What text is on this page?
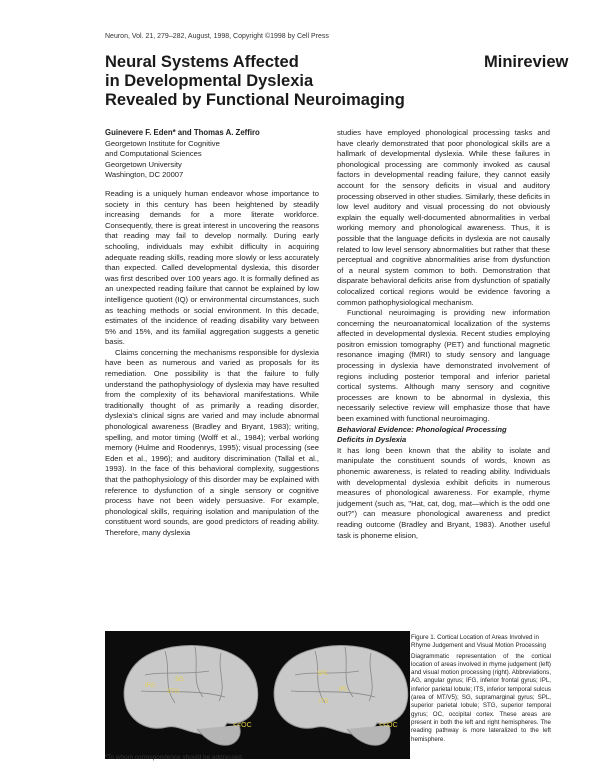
Neuron, Vol. 21, 279–282, August, 1998, Copyright ©1998 by Cell Press
Neural Systems Affected
in Developmental Dyslexia
Revealed by Functional Neuroimaging
Minireview
Guinevere F. Eden* and Thomas A. Zeffiro
Georgetown Institute for Cognitive
and Computational Sciences
Georgetown University
Washington, DC 20007

Reading is a uniquely human endeavor whose importance to society in this century has been heightened by steadily increasing demands for a more literate workforce. Consequently, there is great interest in uncovering the reasons that reading may fail to develop normally. During early schooling, individuals may exhibit difficulty in acquiring adequate reading skills, reading more slowly or less accurately than expected. Called developmental dyslexia, this disorder was first described over 100 years ago. It is formally defined as an unexpected reading failure that cannot be explained by low intelligence quotient (IQ) or environmental circumstances, such as teaching methods or social environment. In this decade, estimates of the incidence of reading disability vary between 5% and 15%, and its familial aggregation suggests a genetic basis.

Claims concerning the mechanisms responsible for dyslexia have been as numerous and varied as proposals for its remediation. One possibility is that the failure to fully understand the pathophysiology of dyslexia may have resulted from the complexity of its behavioral manifestations. While traditionally thought of as primarily a reading disorder, dyslexia's clinical signs are varied and may include abnormal phonological awareness (Bradley and Bryant, 1983); writing, spelling, and motor timing (Wolff et al., 1984); verbal working memory (Hulme and Roodenrys, 1995); visual processing (see Eden et al., 1996); and auditory discrimination (Tallal et al., 1993). In the face of this behavioral complexity, suggestions that the pathophysiology of this disorder may be explained with reference to dysfunction of a single sensory or cognitive process have not been widely persuasive. For example, phonological skills, requiring isolation and manipulation of the constituent word sounds, are good predictors of reading ability. Therefore, many dyslexia

studies have employed phonological processing tasks and have clearly demonstrated that poor phonological skills are a hallmark of developmental dyslexia. While these failures in phonological processing are commonly invoked as causal factors in developmental reading failure, they cannot easily account for the sensory deficits in visual and auditory processing observed in other studies. Similarly, these deficits in low level auditory and visual processing do not obviously explain the equally well-documented abnormalities in verbal working memory and phonological awareness. Thus, it is possible that the language deficits in dyslexia are not causally related to low level sensory abnormalities but rather that these perceptual and cognitive abnormalities arise from dysfunction of a neural system common to both. Demonstration that disparate behavioral deficits arise from dysfunction of spatially colocalized cortical regions would be evidence favoring a common pathophysiological mechanism.

Functional neuroimaging is providing new information concerning the neuroanatomical localization of the systems affected in developmental dyslexia. Recent studies employing positron emission tomography (PET) and functional magnetic resonance imaging (fMRI) to study sensory and language processing in dyslexia have demonstrated involvement of regions including posterior temporal and inferior parietal cortical systems. Although many sensory and cognitive processes are known to be abnormal in dyslexia, this necessarily selective review will emphasize those that have been examined with functional neuroimaging.

Behavioral Evidence: Phonological Processing
Deficits in Dyslexia

It has long been known that the ability to isolate and manipulate the constituent sounds of words, known as phonemic awareness, is related to reading ability. Individuals with developmental dyslexia exhibit deficits in numerous measures of phonological awareness. For example, rhyme judgement (such as, "Hat, cat, dog, mat—which is the odd one out?") can measure phonological awareness and predict reading outcome (Bradley and Bryant, 1983). Another useful task is phoneme elision,

SG
STG
IFG
<<OC
SPL
IPL
ITS
<<OC
Figure 1. Cortical Location of Areas Involved in Rhyme Judgement and Visual Motion Processing
Diagrammatic representation of the cortical location of areas involved in rhyme judgement (left) and visual motion processing (right). Abbreviations, AG, angular gyrus; IFG, inferior frontal gyrus; IPL, inferior parietal lobule; ITS, inferior temporal sulcus (area of MT/V5); SG, supramarginal gyrus; SPL, superior parietal lobule; STG, superior temporal gyrus; OC, occipital cortex. These areas are present in both the left and right hemispheres. The reading pathway is more lateralized to the left hemisphere.
*To whom correspondence should be addressed.
